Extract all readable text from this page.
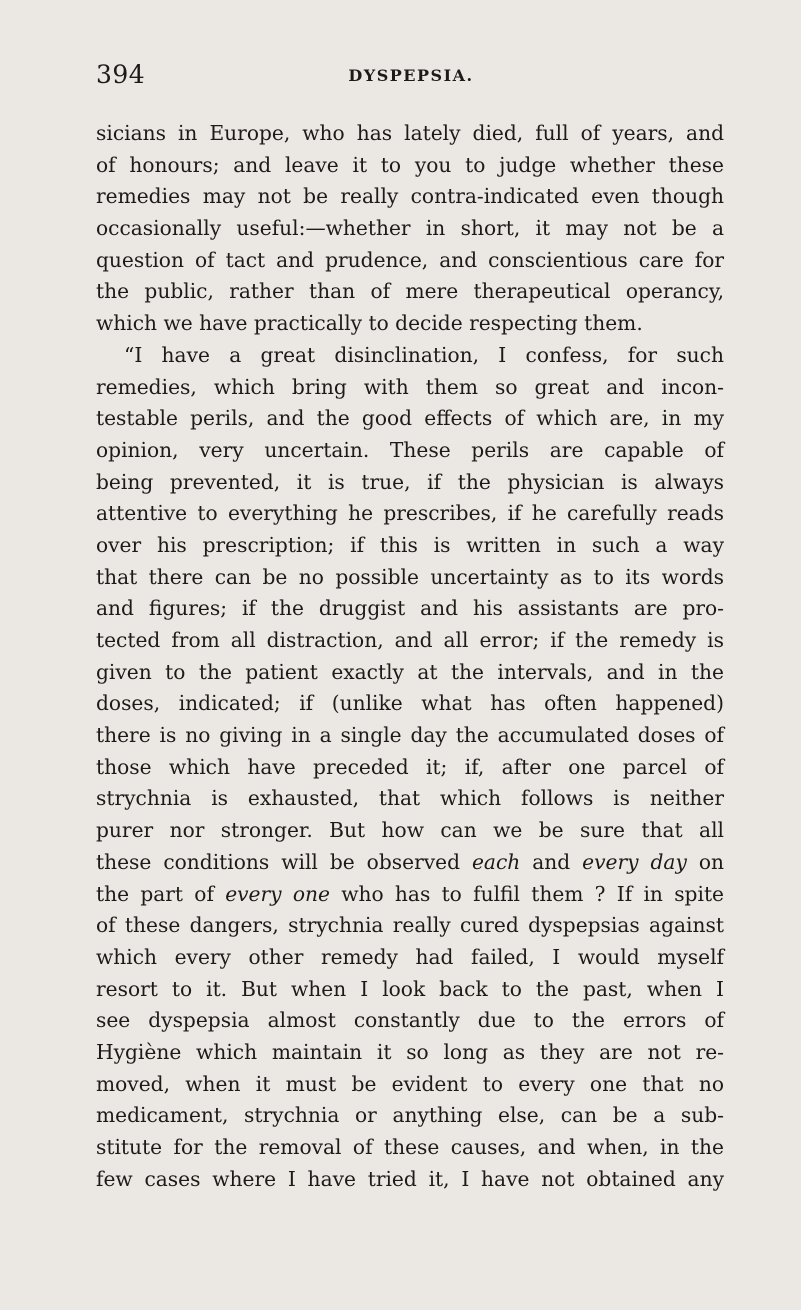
394	DYSPEPSIA.
sicians in Europe, who has lately died, full of years, and
of honours; and leave it to you to judge whether these
remedies may not be really contra-indicated even though
occasionally useful:—whether in short, it may not be a
question of tact and prudence, and conscientious care for
the public, rather than of mere therapeutical operancy,
which we have practically to decide respecting them.
“I have a great disinclination, I confess, for such
remedies, which bring with them so great and incon-
testable perils, and the good effects of which are, in my
opinion, very uncertain. These perils are capable of
being prevented, it is true, if the physician is always
attentive to everything he prescribes, if he carefully reads
over his prescription; if this is written in such a way
that there can be no possible uncertainty as to its words
and figures; if the druggist and his assistants are pro-
tected from all distraction, and all error; if the remedy is
given to the patient exactly at the intervals, and in the
doses, indicated; if (unlike what has often happened)
there is no giving in a single day the accumulated doses of
those which have preceded it; if, after one parcel of
strychnia is exhausted, that which follows is neither
purer nor stronger. But how can we be sure that all
these conditions will be observed each and every day on
the part of every one who has to fulfil them ? If in spite
of these dangers, strychnia really cured dyspepsias against
which every other remedy had failed, I would myself
resort to it. But when I look back to the past, when I
see dyspepsia almost constantly due to the errors of
Hygiène which maintain it so long as they are not re-
moved, when it must be evident to every one that no
medicament, strychnia or anything else, can be a sub-
stitute for the removal of these causes, and when, in the
few cases where I have tried it, I have not obtained any
